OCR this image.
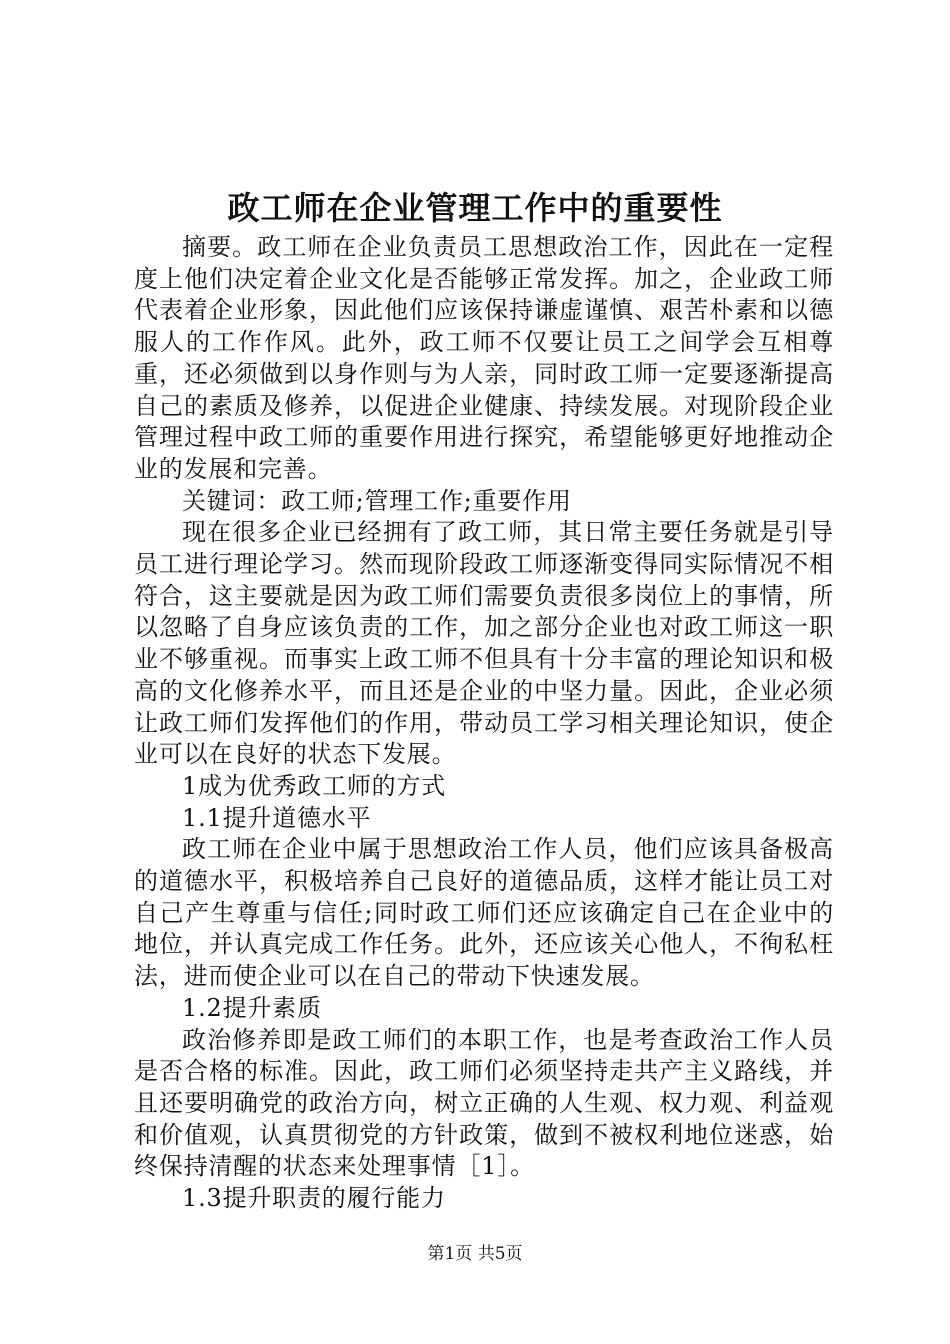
政工师在企业管理工作中的重要性

摘要。政工师在企业负责员工思想政治工作，因此在一定程度上他们决定着企业文化是否能够正常发挥。加之，企业政工师代表着企业形象，因此他们应该保持谦虚谨慎、艰苦朴素和以德服人的工作作风。此外，政工师不仅要让员工之间学会互相尊重，还必须做到以身作则与为人亲，同时政工师一定要逐渐提高自己的素质及修养，以促进企业健康、持续发展。对现阶段企业管理过程中政工师的重要作用进行探究，希望能够更好地推动企业的发展和完善。

关键词：政工师;管理工作;重要作用

现在很多企业已经拥有了政工师，其日常主要任务就是引导员工进行理论学习。然而现阶段政工师逐渐变得同实际情况不相符合，这主要就是因为政工师们需要负责很多岗位上的事情，所以忽略了自身应该负责的工作，加之部分企业也对政工师这一职业不够重视。而事实上政工师不但具有十分丰富的理论知识和极高的文化修养水平，而且还是企业的中坚力量。因此，企业必须让政工师们发挥他们的作用，带动员工学习相关理论知识，使企业可以在良好的状态下发展。

1成为优秀政工师的方式

1.1提升道德水平

政工师在企业中属于思想政治工作人员，他们应该具备极高的道德水平，积极培养自己良好的道德品质，这样才能让员工对自己产生尊重与信任;同时政工师们还应该确定自己在企业中的地位，并认真完成工作任务。此外，还应该关心他人，不徇私枉法，进而使企业可以在自己的带动下快速发展。

1.2提升素质

政治修养即是政工师们的本职工作，也是考查政治工作人员是否合格的标准。因此，政工师们必须坚持走共产主义路线，并且还要明确党的政治方向，树立正确的人生观、权力观、利益观和价值观，认真贯彻党的方针政策，做到不被权利地位迷惑，始终保持清醒的状态来处理事情［1］。

1.3提升职责的履行能力

第1页 共5页
